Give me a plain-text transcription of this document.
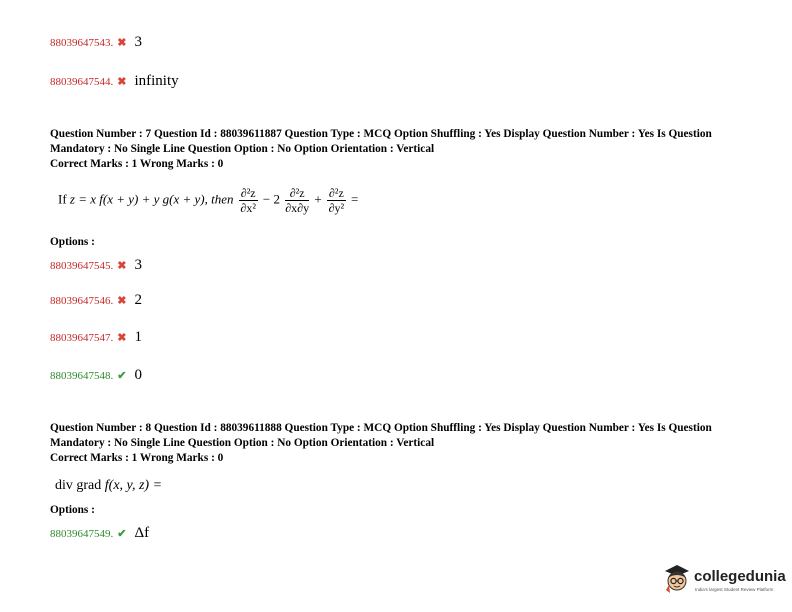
88039647543. ✖ 3
88039647544. ✖ infinity
Question Number : 7 Question Id : 88039611887 Question Type : MCQ Option Shuffling : Yes Display Question Number : Yes Is Question Mandatory : No Single Line Question Option : No Option Orientation : Vertical
Correct Marks : 1 Wrong Marks : 0
If z = x f(x + y) + y g(x + y), then $\frac{\text{∂²z}}{\text{∂x²}} - 2 \frac{\text{∂²z}}{\partial x\partial y} + \frac{\text{∂²z}}{\text{∂y²}}$ =
Options :
88039647545. ✖ 3
88039647546. ✖ 2
88039647547. ✖ 1
88039647548. ✔ 0
Question Number : 8 Question Id : 88039611888 Question Type : MCQ Option Shuffling : Yes Display Question Number : Yes Is Question Mandatory : No Single Line Question Option : No Option Orientation : Vertical
Correct Marks : 1 Wrong Marks : 0
div grad f(x, y, z) =
Options :
88039647549. ✔ Δf
collegedunia
India's largest Student Review Platform
